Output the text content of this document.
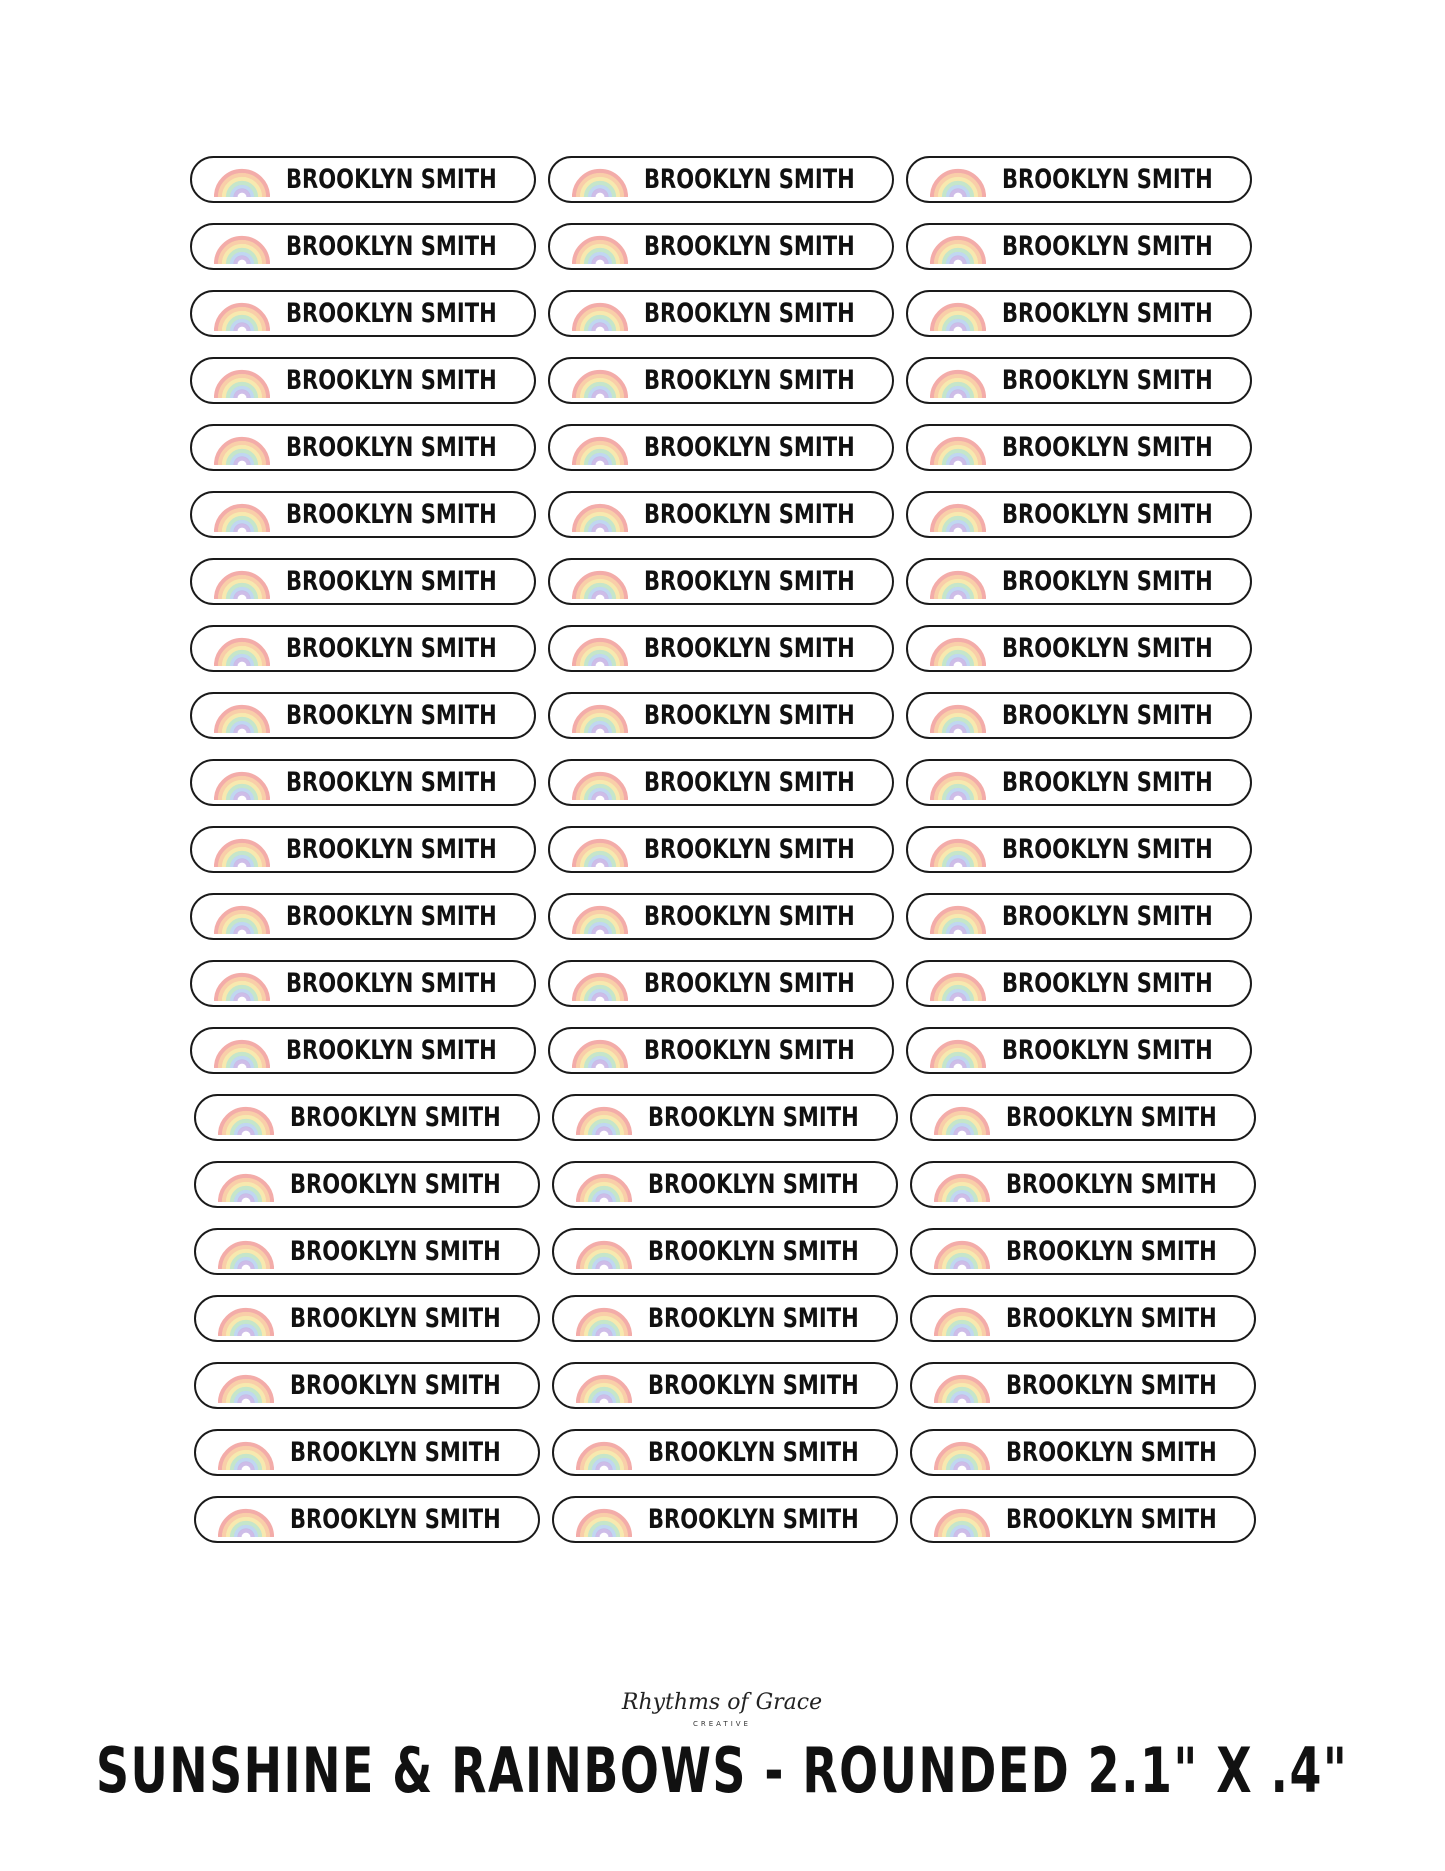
BROOKLYN SMITH	BROOKLYN SMITH	BROOKLYN SMITH
BROOKLYN SMITH	BROOKLYN SMITH	BROOKLYN SMITH
BROOKLYN SMITH	BROOKLYN SMITH	BROOKLYN SMITH
BROOKLYN SMITH	BROOKLYN SMITH	BROOKLYN SMITH
BROOKLYN SMITH	BROOKLYN SMITH	BROOKLYN SMITH
BROOKLYN SMITH	BROOKLYN SMITH	BROOKLYN SMITH
BROOKLYN SMITH	BROOKLYN SMITH	BROOKLYN SMITH
BROOKLYN SMITH	BROOKLYN SMITH	BROOKLYN SMITH
BROOKLYN SMITH	BROOKLYN SMITH	BROOKLYN SMITH
BROOKLYN SMITH	BROOKLYN SMITH	BROOKLYN SMITH
BROOKLYN SMITH	BROOKLYN SMITH	BROOKLYN SMITH
BROOKLYN SMITH	BROOKLYN SMITH	BROOKLYN SMITH
BROOKLYN SMITH	BROOKLYN SMITH	BROOKLYN SMITH
BROOKLYN SMITH	BROOKLYN SMITH	BROOKLYN SMITH
BROOKLYN SMITH	BROOKLYN SMITH	BROOKLYN SMITH
BROOKLYN SMITH	BROOKLYN SMITH	BROOKLYN SMITH
BROOKLYN SMITH	BROOKLYN SMITH	BROOKLYN SMITH
BROOKLYN SMITH	BROOKLYN SMITH	BROOKLYN SMITH
BROOKLYN SMITH	BROOKLYN SMITH	BROOKLYN SMITH
BROOKLYN SMITH	BROOKLYN SMITH	BROOKLYN SMITH
BROOKLYN SMITH	BROOKLYN SMITH	BROOKLYN SMITH
Rhythms of Grace
CREATIVE
SUNSHINE & RAINBOWS - ROUNDED 2.1" X .4"
